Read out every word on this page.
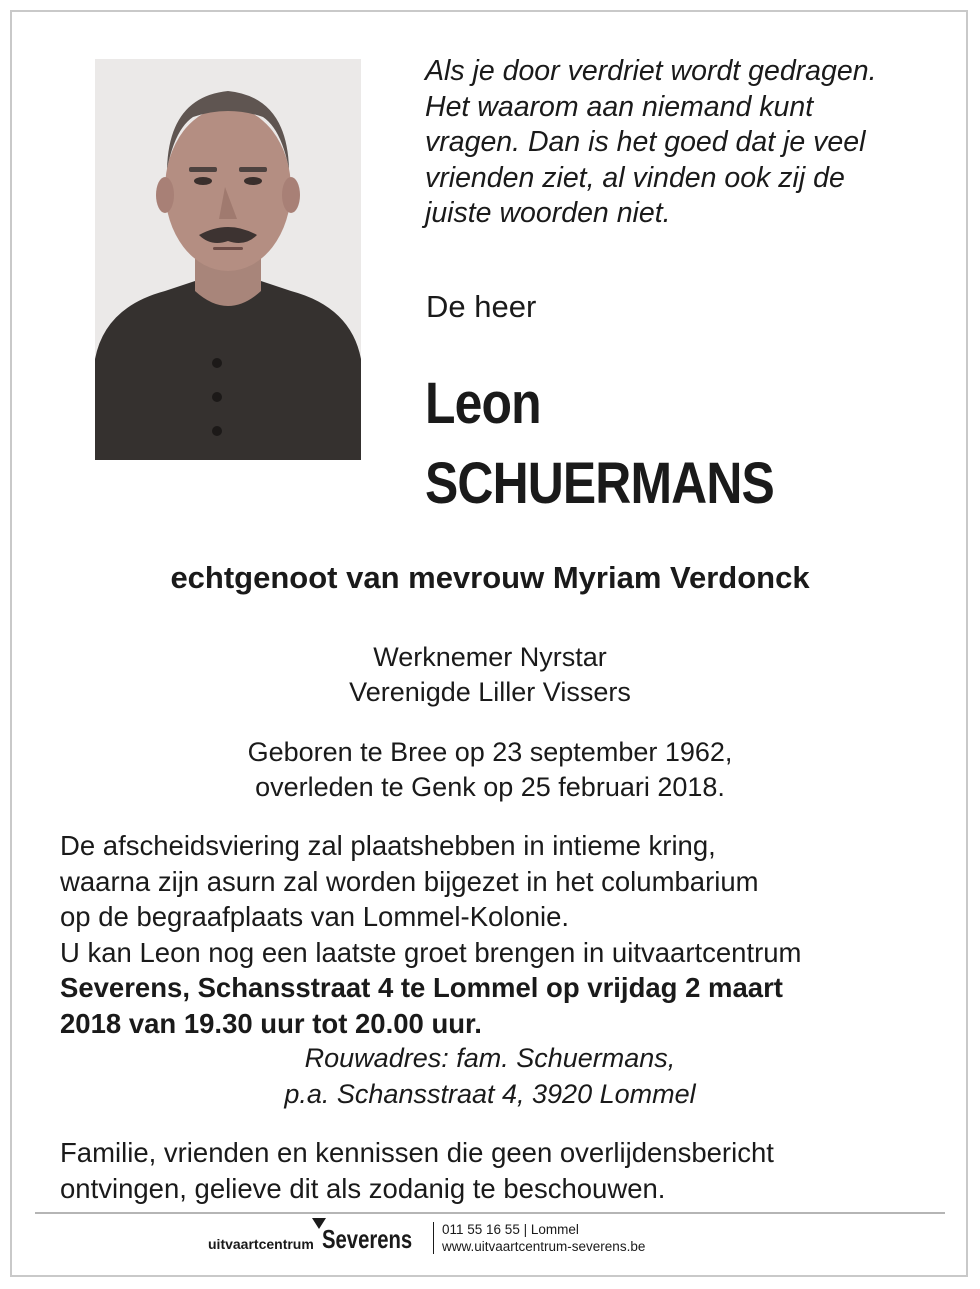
Als je door verdriet wordt gedragen. Het waarom aan niemand kunt vragen. Dan is het goed dat je veel vrienden ziet, al vinden ook zij de juiste woorden niet.

De heer

Leon
SCHUERMANS

echtgenoot van mevrouw Myriam Verdonck

Werknemer Nyrstar

Verenigde Liller Vissers

Geboren te Bree op 23 september 1962,

overleden te Genk op 25 februari 2018.

De afscheidsviering zal plaatshebben in intieme kring,
waarna zijn asurn zal worden bijgezet in het columbarium
op de begraafplaats van Lommel-Kolonie.
U kan Leon nog een laatste groet brengen in uitvaartcentrum
Severens, Schansstraat 4 te Lommel op vrijdag 2 maart
2018 van 19.30 uur tot 20.00 uur.
Rouwadres: fam. Schuermans,
p.a. Schansstraat 4, 3920 Lommel
Familie, vrienden en kennissen die geen overlijdensbericht
ontvingen, gelieve dit als zodanig te beschouwen.
uitvaartcentrum Severens 011 55 16 55 | Lommel
www.uitvaartcentrum-severens.be
